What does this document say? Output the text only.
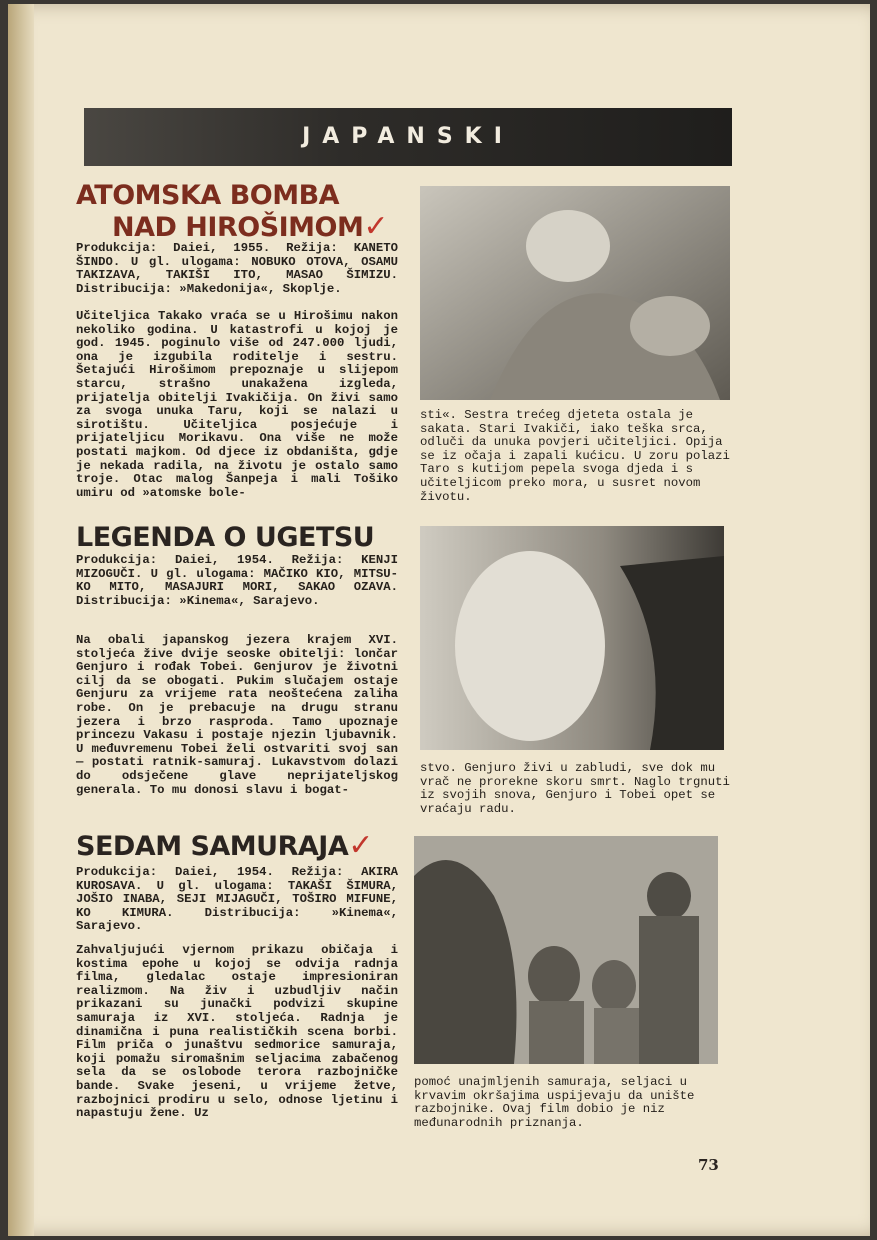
JAPANSKI
ATOMSKA BOMBA
NAD HIROŠIMOM✓
Produkcija: Daiei, 1955. Režija: KANETO ŠINDO. U gl. ulogama: NOBUKO OTOVA, OSAMU TAKIZAVA, TAKIŠI ITO, MASAO ŠIMIZU. Distribucija: »Makedonija«, Skoplje.
Učiteljica Takako vraća se u Hirošimu nakon nekoliko godina. U katastrofi u kojoj je god. 1945. poginulo više od 247.000 ljudi, ona je izgubila roditelje i sestru. Šetajući Hirošimom prepoznaje u slijepom starcu, strašno unakažena izgleda, prijatelja obitelji Ivakičija. On živi samo za svoga unuka Taru, koji se nalazi u sirotištu. Učiteljica posjećuje i prijateljicu Morikavu. Ona više ne može postati majkom. Od djece iz obdaništa, gdje je nekada radila, na životu je ostalo samo troje. Otac malog Šanpeja i mali Tošiko umiru od »atomske bole-
sti«. Sestra trećeg djeteta ostala je sakata. Stari Ivakiči, iako teška srca, odluči da unuka povjeri učiteljici. Opija se iz očaja i zapali kućicu. U zoru polazi Taro s kutijom pepela svoga djeda i s učiteljicom preko mora, u susret novom životu.
LEGENDA O UGETSU
Produkcija: Daiei, 1954. Režija: KENJI MIZOGUČI. U gl. ulogama: MAČIKO KIO, MITSU-KO MITO, MASAJURI MORI, SAKAO OZAVA. Distribucija: »Kinema«, Sarajevo.
Na obali japanskog jezera krajem XVI. stoljeća žive dvije seoske obitelji: lončar Genjuro i rođak Tobei. Genjurov je životni cilj da se obogati. Pukim slučajem ostaje Genjuru za vrijeme rata neoštećena zaliha robe. On je prebacuje na drugu stranu jezera i brzo rasproda. Tamo upoznaje princezu Vakasu i postaje njezin ljubavnik. U međuvremenu Tobei želi ostvariti svoj san — postati ratnik-samuraj. Lukavstvom dolazi do odsječene glave neprijateljskog generala. To mu donosi slavu i bogat-
stvo. Genjuro živi u zabludi, sve dok mu vrač ne prorekne skoru smrt. Naglo trgnuti iz svojih snova, Genjuro i Tobei opet se vraćaju radu.
SEDAM SAMURAJA✓
Produkcija: Daiei, 1954. Režija: AKIRA KUROSAVA. U gl. ulogama: TAKAŠI ŠIMURA, JOŠIO INABA, SEJI MIJAGUČI, TOŠIRO MIFUNE, KO KIMURA. Distribucija: »Kinema«, Sarajevo.
Zahvaljujući vjernom prikazu običaja i kostima epohe u kojoj se odvija radnja filma, gledalac ostaje impresioniran realizmom. Na živ i uzbudljiv način prikazani su junački podvizi skupine samuraja iz XVI. stoljeća. Radnja je dinamična i puna realističkih scena borbi. Film priča o junaštvu sedmorice samuraja, koji pomažu siromašnim seljacima zabačenog sela da se oslobode terora razbojničke bande. Svake jeseni, u vrijeme žetve, razbojnici prodiru u selo, odnose ljetinu i napastuju žene. Uz
pomoć unajmljenih samuraja, seljaci u krvavim okršajima uspijevaju da unište razbojnike. Ovaj film dobio je niz međunarodnih priznanja.
73
